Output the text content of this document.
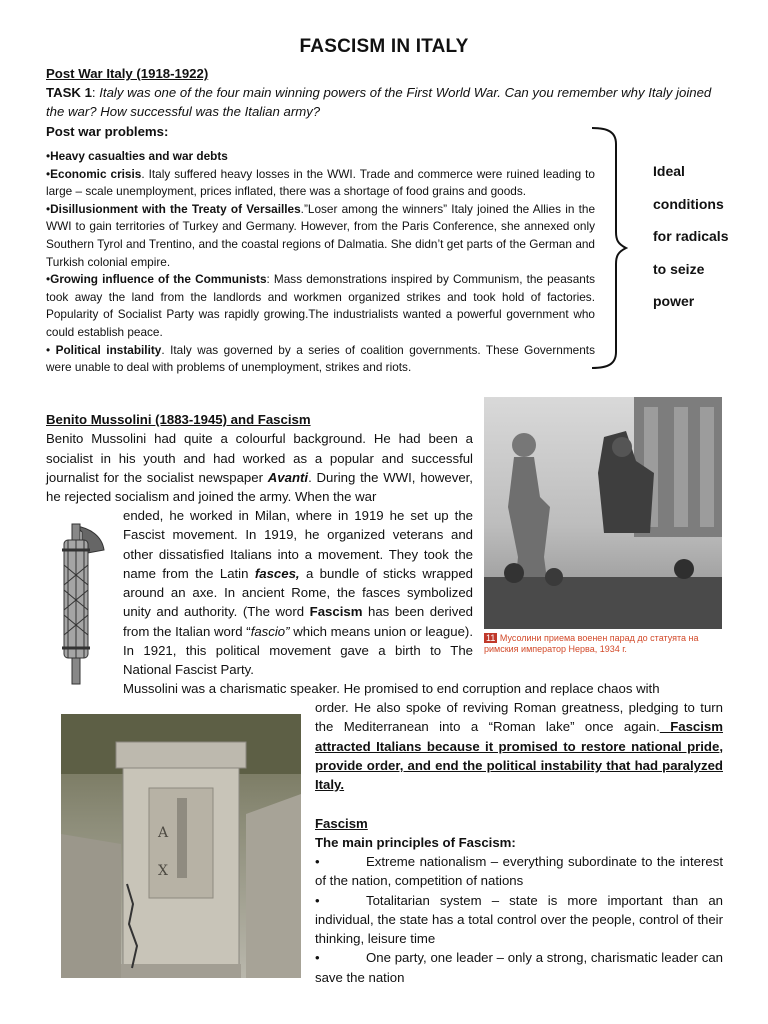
FASCISM IN ITALY
Post War Italy (1918-1922)
TASK 1: Italy was one of the four main winning powers of the First World War. Can you remember why Italy joined the war? How successful was the Italian army?
Post war problems:
•Heavy casualties and war debts
•Economic crisis. Italy suffered heavy losses in the WWI. Trade and commerce were ruined leading to large – scale unemployment, prices inflated, there was a shortage of food grains and goods.
•Disillusionment with the Treaty of Versailles.”Loser among the winners” Italy joined the Allies in the WWI to gain territories of Turkey and Germany. However, from the Paris Conference, she annexed only Southern Tyrol and Trentino, and the coastal regions of Dalmatia. She didn’t get parts of the German and Turkish colonial empire.
•Growing influence of the Communists: Mass demonstrations inspired by Communism, the peasants took away the land from the landlords and workmen organized strikes and took hold of factories. Popularity of Socialist Party was rapidly growing.The industrialists wanted a powerful government who could establish peace.
• Political instability. Italy was governed by a series of coalition governments. These Governments were unable to deal with problems of unemployment, strikes and riots.
Ideal
conditions
for radicals
to seize
power
Benito Mussolini (1883-1945) and Fascism
Benito Mussolini had quite a colourful background. He had been a socialist in his youth and had worked as a popular and successful journalist for the socialist newspaper Avanti. During the WWI, however, he rejected socialism and joined the army. When the war
ended, he worked in Milan, where in 1919 he set up the Fascist movement. In 1919, he organized veterans and other dissatisfied Italians into a movement. They took the name from the Latin fasces, a bundle of sticks wrapped around an axe. In ancient Rome, the fasces symbolized unity and authority. (The word Fascism has been derived from the Italian word “fascio” which means union or league). In 1921, this political movement gave a birth to The National Fascist Party.
Mussolini was a charismatic speaker. He promised to end corruption and replace chaos with
order. He also spoke of reviving Roman greatness, pledging to turn the Mediterranean into a “Roman lake” once again. Fascism attracted Italians because it promised to restore national pride, provide order, and end the political instability that had paralyzed Italy.
11 Мусолини приема военен парад до статуята на римския император Нерва, 1934 г.
A
X
Fascism
The main principles of Fascism:
•	Extreme nationalism – everything subordinate to the interest of the nation, competition of nations
•	Totalitarian system – state is more important than an individual, the state has a total control over the people, control of their thinking, leisure time
•	One party, one leader – only a strong, charismatic leader can save the nation
